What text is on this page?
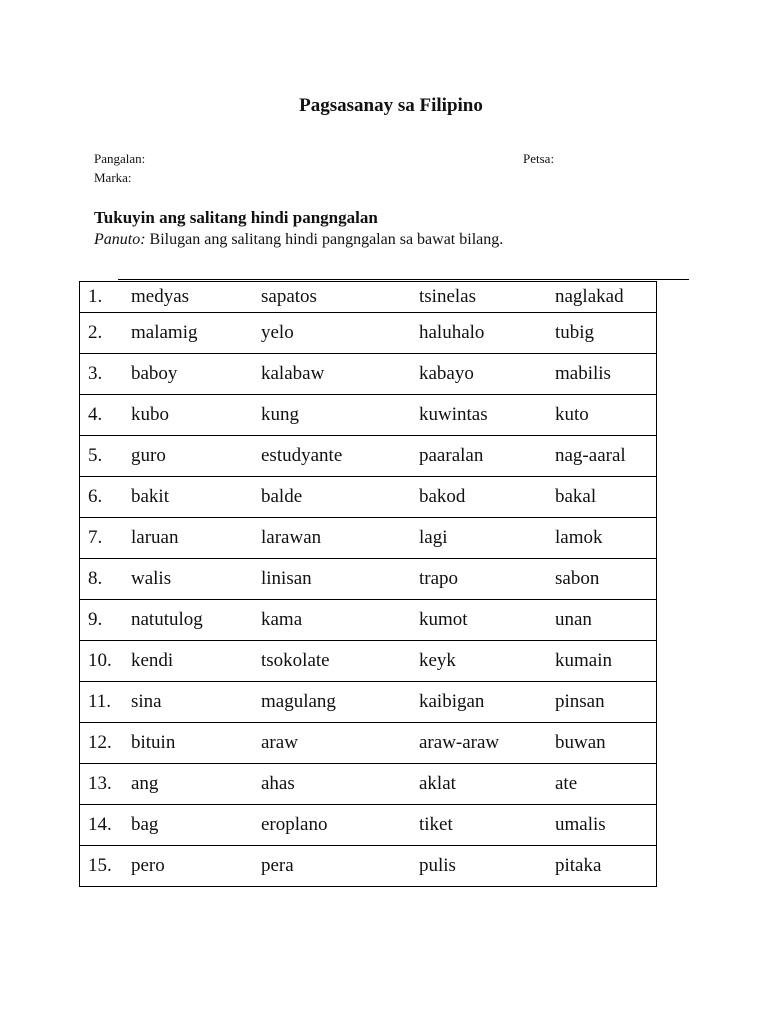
Pagsasanay sa Filipino
Pangalan:	Petsa:
Marka:
Tukuyin ang salitang hindi pangngalan
Panuto: Bilugan ang salitang hindi pangngalan sa bawat bilang.
1.	medyas	sapatos	tsinelas	naglakad
2.	malamig	yelo	haluhalo	tubig
3.	baboy	kalabaw	kabayo	mabilis
4.	kubo	kung	kuwintas	kuto
5.	guro	estudyante	paaralan	nag-aaral
6.	bakit	balde	bakod	bakal
7.	laruan	larawan	lagi	lamok
8.	walis	linisan	trapo	sabon
9.	natutulog	kama	kumot	unan
10.	kendi	tsokolate	keyk	kumain
11.	sina	magulang	kaibigan	pinsan
12.	bituin	araw	araw-araw	buwan
13.	ang	ahas	aklat	ate
14.	bag	eroplano	tiket	umalis
15.	pero	pera	pulis	pitaka
